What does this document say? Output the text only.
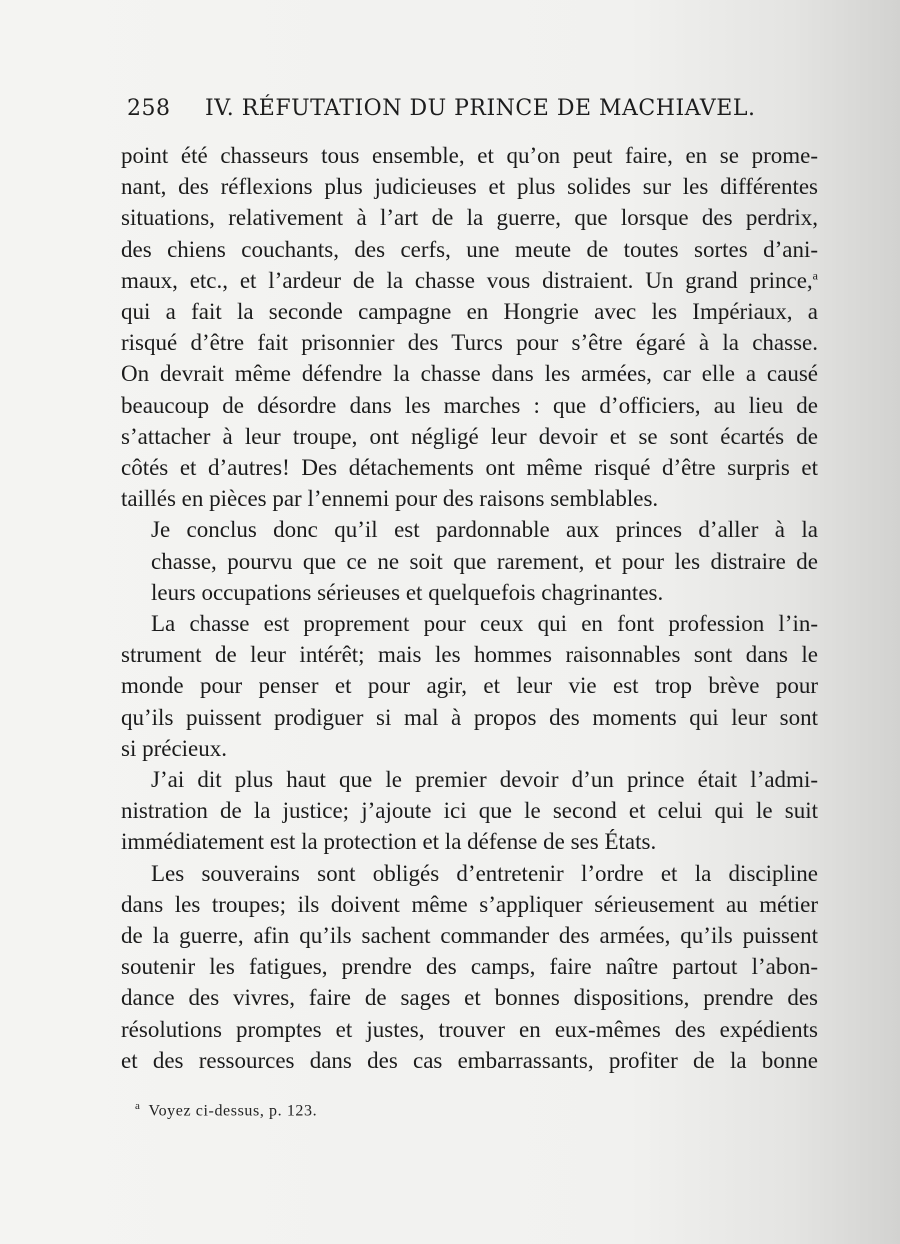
258	IV. RÉFUTATION DU PRINCE DE MACHIAVEL.

point été chasseurs tous ensemble, et qu’on peut faire, en se prome-
nant, des réflexions plus judicieuses et plus solides sur les différentes
situations, relativement à l’art de la guerre, que lorsque des perdrix,
des chiens couchants, des cerfs, une meute de toutes sortes d’ani-
maux, etc., et l’ardeur de la chasse vous distraient. Un grand prince,$^a$
qui a fait la seconde campagne en Hongrie avec les Impériaux, a
risqué d’être fait prisonnier des Turcs pour s’être égaré à la chasse.
On devrait même défendre la chasse dans les armées, car elle a causé
beaucoup de désordre dans les marches : que d’officiers, au lieu de
s’attacher à leur troupe, ont négligé leur devoir et se sont écartés de
côtés et d’autres! Des détachements ont même risqué d’être surpris et
taillés en pièces par l’ennemi pour des raisons semblables.

Je conclus donc qu’il est pardonnable aux princes d’aller à la
chasse, pourvu que ce ne soit que rarement, et pour les distraire de
leurs occupations sérieuses et quelquefois chagrinantes.

La chasse est proprement pour ceux qui en font profession l’in-
strument de leur intérêt; mais les hommes raisonnables sont dans le
monde pour penser et pour agir, et leur vie est trop brève pour
qu’ils puissent prodiguer si mal à propos des moments qui leur sont
si précieux.

J’ai dit plus haut que le premier devoir d’un prince était l’admi-
nistration de la justice; j’ajoute ici que le second et celui qui le suit
immédiatement est la protection et la défense de ses États.

Les souverains sont obligés d’entretenir l’ordre et la discipline
dans les troupes; ils doivent même s’appliquer sérieusement au métier
de la guerre, afin qu’ils sachent commander des armées, qu’ils puissent
soutenir les fatigues, prendre des camps, faire naître partout l’abon-
dance des vivres, faire de sages et bonnes dispositions, prendre des
résolutions promptes et justes, trouver en eux-mêmes des expédients
et des ressources dans des cas embarrassants, profiter de la bonne

$^a$ Voyez ci-dessus, p. 123.
